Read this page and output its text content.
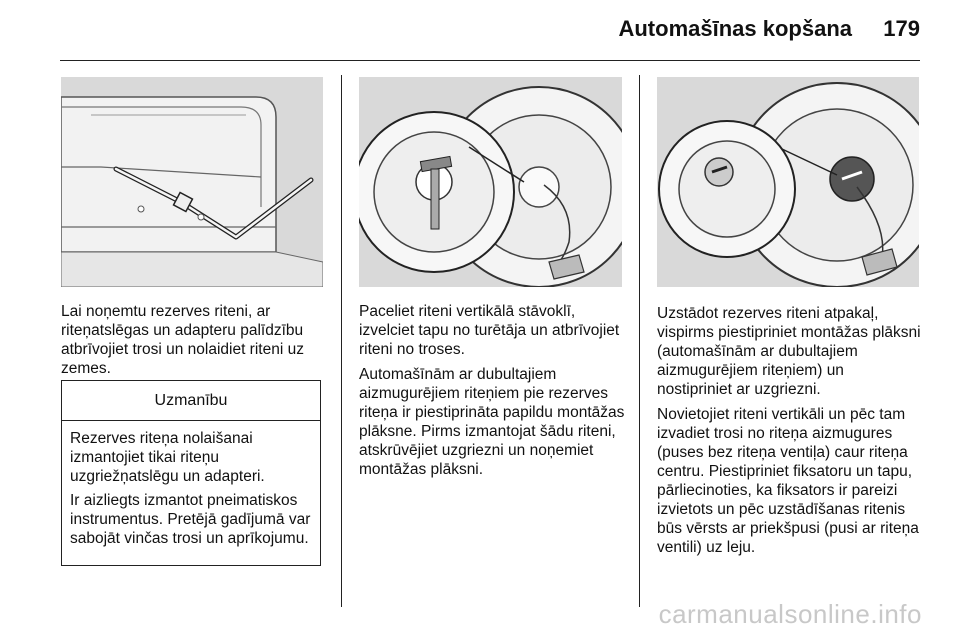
Automašīnas kopšana 179

Lai noņemtu rezerves riteni, ar riteņatslēgas un adapteru palīdzību atbrīvojiet trosi un nolaidiet riteni uz zemes.

Uzmanību

Rezerves riteņa nolaišanai izmantojiet tikai riteņu uzgriežņatslēgu un adapteri.

Ir aizliegts izmantot pneimatiskos instrumentus. Pretējā gadījumā var sabojāt vinčas trosi un aprīkojumu.

Paceliet riteni vertikālā stāvoklī, izvelciet tapu no turētāja un atbrīvojiet riteni no troses.

Automašīnām ar dubultajiem aizmugurējiem riteņiem pie rezerves riteņa ir piestiprināta papildu montāžas plāksne. Pirms izmantojat šādu riteni, atskrūvējiet uzgriezni un noņemiet montāžas plāksni.

Uzstādot rezerves riteni atpakaļ, vispirms piestipriniet montāžas plāksni (automašīnām ar dubultajiem aizmugurējiem riteņiem) un nostipriniet ar uzgriezni.

Novietojiet riteni vertikāli un pēc tam izvadiet trosi no riteņa aizmugures (puses bez riteņa ventiļa) caur riteņa centru. Piestipriniet fiksatoru un tapu, pārliecinoties, ka fiksators ir pareizi izvietots un pēc uzstādīšanas ritenis būs vērsts ar priekšpusi (pusi ar riteņa ventili) uz leju.

carmanualsonline.info
